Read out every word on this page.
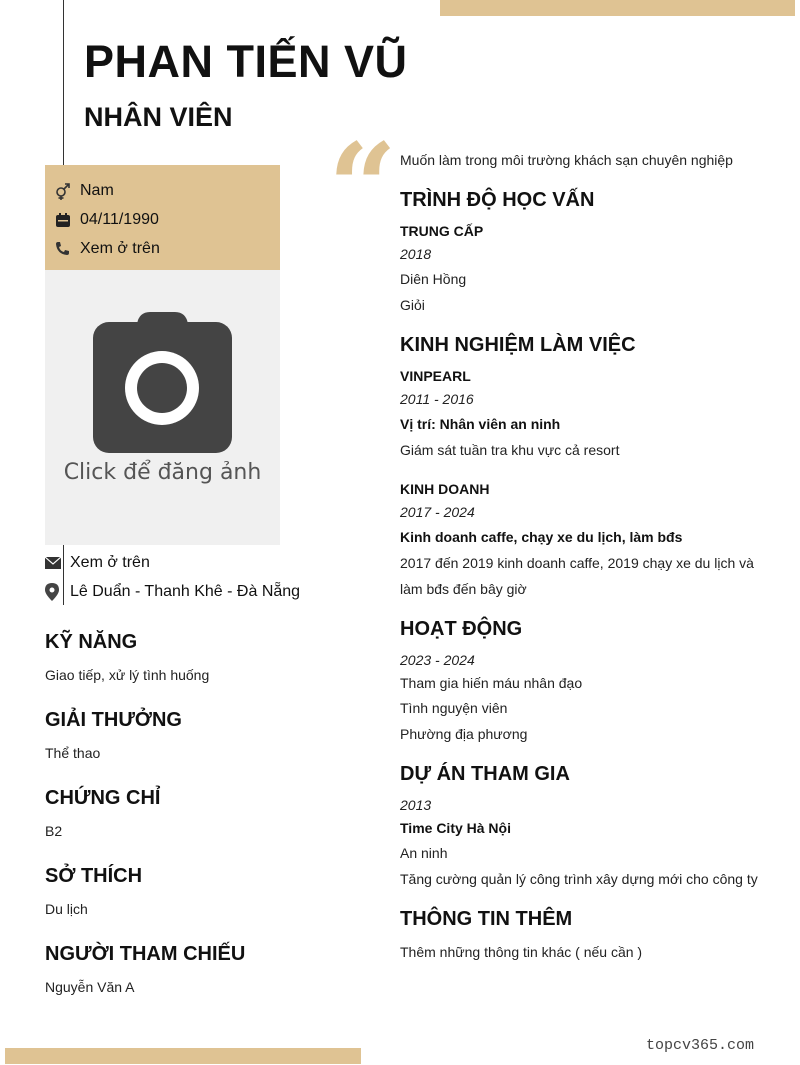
PHAN TIẾN VŨ
NHÂN VIÊN
Nam
04/11/1990
Xem ở trên
Click để đăng ảnh
Xem ở trên
Lê Duẩn - Thanh Khê - Đà Nẵng
KỸ NĂNG
Giao tiếp, xử lý tình huống
GIẢI THƯỞNG
Thể thao
CHỨNG CHỈ
B2
SỞ THÍCH
Du lịch
NGƯỜI THAM CHIẾU
Nguyễn Văn A
“ Muốn làm trong môi trường khách sạn chuyên nghiệp
TRÌNH ĐỘ HỌC VẤN
TRUNG CẤP
2018
Diên Hồng
Giỏi
KINH NGHIỆM LÀM VIỆC
VINPEARL
2011 - 2016
Vị trí: Nhân viên an ninh
Giám sát tuần tra khu vực cả resort
KINH DOANH
2017 - 2024
Kinh doanh caffe, chạy xe du lịch, làm bđs
2017 đến 2019 kinh doanh caffe, 2019 chạy xe du lịch và
làm bđs đến bây giờ
HOẠT ĐỘNG
2023 - 2024
Tham gia hiến máu nhân đạo
Tình nguyện viên
Phường địa phương
DỰ ÁN THAM GIA
2013
Time City Hà Nội
An ninh
Tăng cường quản lý công trình xây dựng mới cho công ty
THÔNG TIN THÊM
Thêm những thông tin khác ( nếu cần )
topcv365.com
